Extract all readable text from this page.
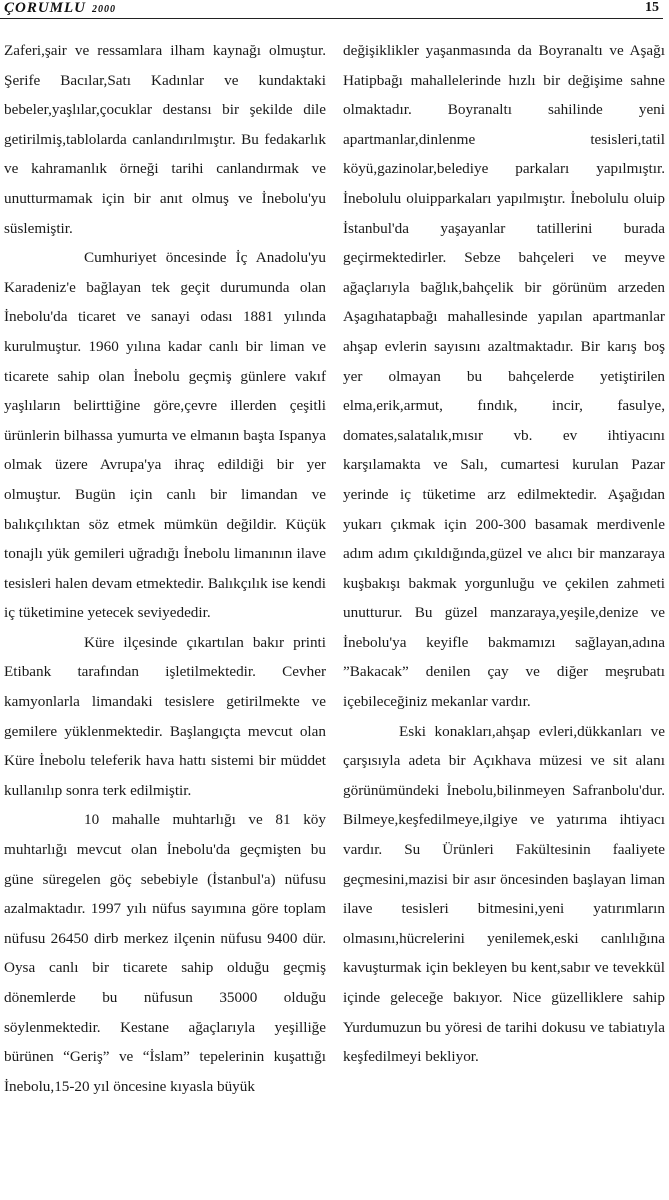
ÇORUMLU 2000	15

Zaferi,şair ve ressamlara ilham kaynağı olmuştur. Şerife Bacılar,Satı Kadınlar ve kundaktaki bebeler,yaşlılar,çocuklar destansı bir şekilde dile getirilmiş,tablolarda canlandırılmıştır. Bu fedakarlık ve kahramanlık örneği tarihi canlandırmak ve unutturmamak için bir anıt olmuş ve İnebolu'yu süslemiştir.

Cumhuriyet öncesinde İç Anadolu'yu Karadeniz'e bağlayan tek geçit durumunda olan İnebolu'da ticaret ve sanayi odası 1881 yılında kurulmuştur. 1960 yılına kadar canlı bir liman ve ticarete sahip olan İnebolu geçmiş günlere vakıf yaşlıların belirttiğine göre,çevre illerden çeşitli ürünlerin bilhassa yumurta ve elmanın başta Ispanya olmak üzere Avrupa'ya ihraç edildiği bir yer olmuştur. Bugün için canlı bir limandan ve balıkçılıktan söz etmek mümkün değildir. Küçük tonajlı yük gemileri uğradığı İnebolu limanının ilave tesisleri halen devam etmektedir. Balıkçılık ise kendi iç tüketimine yetecek seviyededir.

Küre ilçesinde çıkartılan bakır printi Etibank tarafından işletilmektedir. Cevher kamyonlarla limandaki tesislere getirilmekte ve gemilere yüklenmektedir. Başlangıçta mevcut olan Küre İnebolu teleferik hava hattı sistemi bir müddet kullanılıp sonra terk edilmiştir.

10 mahalle muhtarlığı ve 81 köy muhtarlığı mevcut olan İnebolu'da geçmişten bu güne süregelen göç sebebiyle (İstanbul'a) nüfusu azalmaktadır. 1997 yılı nüfus sayımına göre toplam nüfusu 26450 dirb merkez ilçenin nüfusu 9400 dür. Oysa canlı bir ticarete sahip olduğu geçmiş dönemlerde bu nüfusun 35000 olduğu söylenmektedir. Kestane ağaçlarıyla yeşilliğe bürünen “Geriş” ve “İslam” tepelerinin kuşattığı İnebolu,15-20 yıl öncesine kıyasla büyük

değişiklikler yaşanmasında da Boyranaltı ve Aşağı Hatipbağı mahallelerinde hızlı bir değişime sahne olmaktadır. Boyranaltı sahilinde yeni apartmanlar,dinlenme tesisleri,tatil köyü,gazinolar,belediye parkaları yapılmıştır. İnebolulu oluipparkaları yapılmıştır. İnebolulu oluip İstanbul'da yaşayanlar tatillerini burada geçirmektedirler. Sebze bahçeleri ve meyve ağaçlarıyla bağlık,bahçelik bir görünüm arzeden Aşagıhatapbağı mahallesinde yapılan apartmanlar ahşap evlerin sayısını azaltmaktadır. Bir karış boş yer olmayan bu bahçelerde yetiştirilen elma,erik,armut, fındık, incir, fasulye, domates,salatalık,mısır vb. ev ihtiyacını karşılamakta ve Salı, cumartesi kurulan Pazar yerinde iç tüketime arz edilmektedir. Aşağıdan yukarı çıkmak için 200-300 basamak merdivenle adım adım çıkıldığında,güzel ve alıcı bir manzaraya kuşbakışı bakmak yorgunluğu ve çekilen zahmeti unutturur. Bu güzel manzaraya,yeşile,denize ve İnebolu'ya keyifle bakmamızı sağlayan,adına ”Bakacak” denilen çay ve diğer meşrubatı içebileceğiniz mekanlar vardır.

Eski konakları,ahşap evleri,dükkanları ve çarşısıyla adeta bir Açıkhava müzesi ve sit alanı görünümündeki İnebolu,bilinmeyen Safranbolu'dur. Bilmeye,keşfedilmeye,ilgiye ve yatırıma ihtiyacı vardır. Su Ürünleri Fakültesinin faaliyete geçmesini,mazisi bir asır öncesinden başlayan liman ilave tesisleri bitmesini,yeni yatırımların olmasını,hücrelerini yenilemek,eski canlılığına kavuşturmak için bekleyen bu kent,sabır ve tevekkül içinde geleceğe bakıyor. Nice güzelliklere sahip Yurdumuzun bu yöresi de tarihi dokusu ve tabiatıyla keşfedilmeyi bekliyor.
